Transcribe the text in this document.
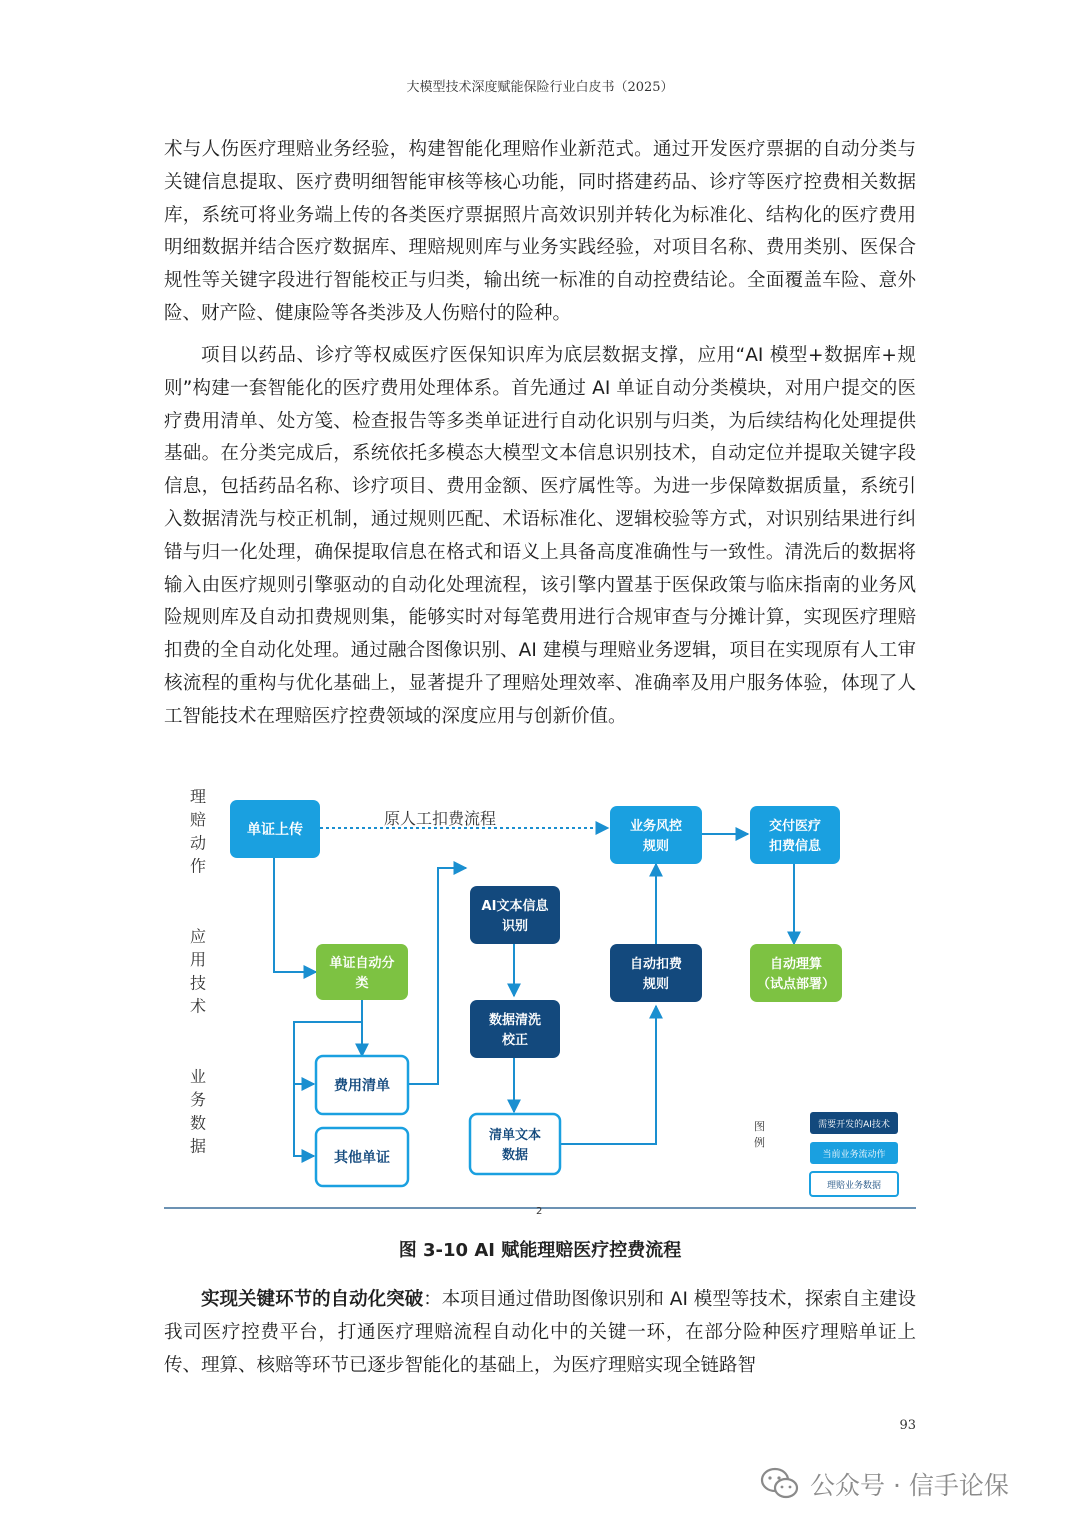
大模型技术深度赋能保险行业白皮书（2025）

术与人伤医疗理赔业务经验，构建智能化理赔作业新范式。通过开发医疗票据的自动分类与关键信息提取、医疗费明细智能审核等核心功能，同时搭建药品、诊疗等医疗控费相关数据库，系统可将业务端上传的各类医疗票据照片高效识别并转化为标准化、结构化的医疗费用明细数据并结合医疗数据库、理赔规则库与业务实践经验，对项目名称、费用类别、医保合规性等关键字段进行智能校正与归类，输出统一标准的自动控费结论。全面覆盖车险、意外险、财产险、健康险等各类涉及人伤赔付的险种。

项目以药品、诊疗等权威医疗医保知识库为底层数据支撑，应用“AI 模型+数据库+规则”构建一套智能化的医疗费用处理体系。首先通过 AI 单证自动分类模块，对用户提交的医疗费用清单、处方笺、检查报告等多类单证进行自动化识别与归类，为后续结构化处理提供基础。在分类完成后，系统依托多模态大模型文本信息识别技术，自动定位并提取关键字段信息，包括药品名称、诊疗项目、费用金额、医疗属性等。为进一步保障数据质量，系统引入数据清洗与校正机制，通过规则匹配、术语标准化、逻辑校验等方式，对识别结果进行纠错与归一化处理，确保提取信息在格式和语义上具备高度准确性与一致性。清洗后的数据将输入由医疗规则引擎驱动的自动化处理流程，该引擎内置基于医保政策与临床指南的业务风险规则库及自动扣费规则集，能够实时对每笔费用进行合规审查与分摊计算，实现医疗理赔扣费的全自动化处理。通过融合图像识别、AI 建模与理赔业务逻辑，项目在实现原有人工审核流程的重构与优化基础上，显著提升了理赔处理效率、准确率及用户服务体验，体现了人工智能技术在理赔医疗控费领域的深度应用与创新价值。

理赔动作
应用技术
业务数据
原人工扣费流程
单证上传
单证自动分
类
费用清单
其他单证
AI文本信息
识别
数据清洗
校正
清单文本
数据
业务风控
规则
自动扣费
规则
交付医疗
扣费信息
自动理算
（试点部署）
图例
需要开发的AI技术
当前业务流动作
理赔业务数据
2
图 3-10 AI 赋能理赔医疗控费流程

实现关键环节的自动化突破：本项目通过借助图像识别和 AI 模型等技术，探索自主建设我司医疗控费平台，打通医疗理赔流程自动化中的关键一环，在部分险种医疗理赔单证上传、理算、核赔等环节已逐步智能化的基础上，为医疗理赔实现全链路智

93
公众号 · 信手论保
